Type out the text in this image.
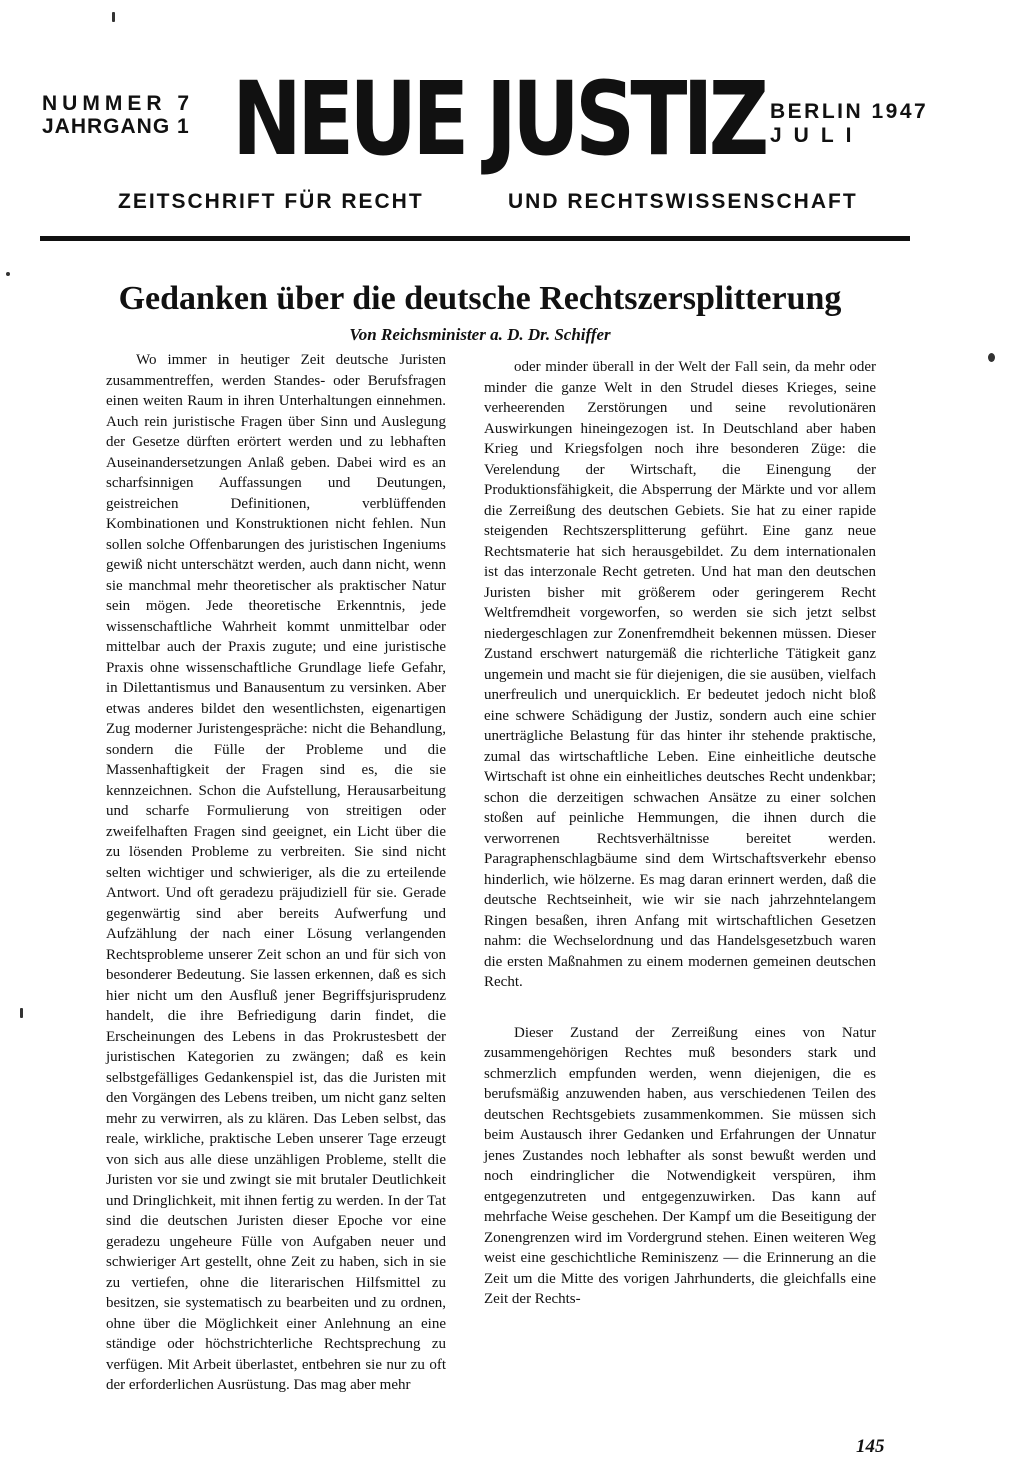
NUMMER 7
JAHRGANG 1 NEUE JUSTIZ BERLIN 1947
JULI
ZEITSCHRIFT FÜR RECHT	UND RECHTSWISSENSCHAFT
Gedanken über die deutsche Rechtszersplitterung
Von Reichsminister a. D. Dr. Schiffer

Wo immer in heutiger Zeit deutsche Juristen zusammentreffen, werden Standes- oder Berufsfragen einen weiten Raum in ihren Unterhaltungen einnehmen. Auch rein juristische Fragen über Sinn und Auslegung der Gesetze dürften erörtert werden und zu lebhaften Auseinandersetzungen Anlaß geben. Dabei wird es an scharfsinnigen Auffassungen und Deutungen, geistreichen Definitionen, verblüffenden Kombinationen und Konstruktionen nicht fehlen. Nun sollen solche Offenbarungen des juristischen Ingeniums gewiß nicht unterschätzt werden, auch dann nicht, wenn sie manchmal mehr theoretischer als praktischer Natur sein mögen. Jede theoretische Erkenntnis, jede wissenschaftliche Wahrheit kommt unmittelbar oder mittelbar auch der Praxis zugute; und eine juristische Praxis ohne wissenschaftliche Grundlage liefe Gefahr, in Dilettantismus und Banausentum zu versinken. Aber etwas anderes bildet den wesentlichsten, eigenartigen Zug moderner Juristengespräche: nicht die Behandlung, sondern die Fülle der Probleme und die Massenhaftigkeit der Fragen sind es, die sie kennzeichnen. Schon die Aufstellung, Herausarbeitung und scharfe Formulierung von streitigen oder zweifelhaften Fragen sind geeignet, ein Licht über die zu lösenden Probleme zu verbreiten. Sie sind nicht selten wichtiger und schwieriger, als die zu erteilende Antwort. Und oft geradezu präjudiziell für sie. Gerade gegenwärtig sind aber bereits Aufwerfung und Aufzählung der nach einer Lösung verlangenden Rechtsprobleme unserer Zeit schon an und für sich von besonderer Bedeutung. Sie lassen erkennen, daß es sich hier nicht um den Ausfluß jener Begriffsjurisprudenz handelt, die ihre Befriedigung darin findet, die Erscheinungen des Lebens in das Prokrustesbett der juristischen Kategorien zu zwängen; daß es kein selbstgefälliges Gedankenspiel ist, das die Juristen mit den Vorgängen des Lebens treiben, um nicht ganz selten mehr zu verwirren, als zu klären. Das Leben selbst, das reale, wirkliche, praktische Leben unserer Tage erzeugt von sich aus alle diese unzähligen Probleme, stellt die Juristen vor sie und zwingt sie mit brutaler Deutlichkeit und Dringlichkeit, mit ihnen fertig zu werden. In der Tat sind die deutschen Juristen dieser Epoche vor eine geradezu ungeheure Fülle von Aufgaben neuer und schwieriger Art gestellt, ohne Zeit zu haben, sich in sie zu vertiefen, ohne die literarischen Hilfsmittel zu besitzen, sie systematisch zu bearbeiten und zu ordnen, ohne über die Möglichkeit einer Anlehnung an eine ständige oder höchstrichterliche Rechtsprechung zu verfügen. Mit Arbeit überlastet, entbehren sie nur zu oft der erforderlichen Ausrüstung. Das mag aber mehr

oder minder überall in der Welt der Fall sein, da mehr oder minder die ganze Welt in den Strudel dieses Krieges, seine verheerenden Zerstörungen und seine revolutionären Auswirkungen hineingezogen ist. In Deutschland aber haben Krieg und Kriegsfolgen noch ihre besonderen Züge: die Verelendung der Wirtschaft, die Einengung der Produktionsfähigkeit, die Absperrung der Märkte und vor allem die Zerreißung des deutschen Gebiets. Sie hat zu einer rapide steigenden Rechtszersplitterung geführt. Eine ganz neue Rechtsmaterie hat sich herausgebildet. Zu dem internationalen ist das interzonale Recht getreten. Und hat man den deutschen Juristen bisher mit größerem oder geringerem Recht Weltfremdheit vorgeworfen, so werden sie sich jetzt selbst niedergeschlagen zur Zonenfremdheit bekennen müssen. Dieser Zustand erschwert naturgemäß die richterliche Tätigkeit ganz ungemein und macht sie für diejenigen, die sie ausüben, vielfach unerfreulich und unerquicklich. Er bedeutet jedoch nicht bloß eine schwere Schädigung der Justiz, sondern auch eine schier unerträgliche Belastung für das hinter ihr stehende praktische, zumal das wirtschaftliche Leben. Eine einheitliche deutsche Wirtschaft ist ohne ein einheitliches deutsches Recht undenkbar; schon die derzeitigen schwachen Ansätze zu einer solchen stoßen auf peinliche Hemmungen, die ihnen durch die verworrenen Rechtsverhältnisse bereitet werden. Paragraphenschlagbäume sind dem Wirtschaftsverkehr ebenso hinderlich, wie hölzerne. Es mag daran erinnert werden, daß die deutsche Rechtseinheit, wie wir sie nach jahrzehntelangem Ringen besaßen, ihren Anfang mit wirtschaftlichen Gesetzen nahm: die Wechselordnung und das Handelsgesetzbuch waren die ersten Maßnahmen zu einem modernen gemeinen deutschen Recht.

Dieser Zustand der Zerreißung eines von Natur zusammengehörigen Rechtes muß besonders stark und schmerzlich empfunden werden, wenn diejenigen, die es berufsmäßig anzuwenden haben, aus verschiedenen Teilen des deutschen Rechtsgebiets zusammenkommen. Sie müssen sich beim Austausch ihrer Gedanken und Erfahrungen der Unnatur jenes Zustandes noch lebhafter als sonst bewußt werden und noch eindringlicher die Notwendigkeit verspüren, ihm entgegenzutreten und entgegenzuwirken. Das kann auf mehrfache Weise geschehen. Der Kampf um die Beseitigung der Zonengrenzen wird im Vordergrund stehen. Einen weiteren Weg weist eine geschichtliche Reminiszenz — die Erinnerung an die Zeit um die Mitte des vorigen Jahrhunderts, die gleichfalls eine Zeit der Rechts-

145
